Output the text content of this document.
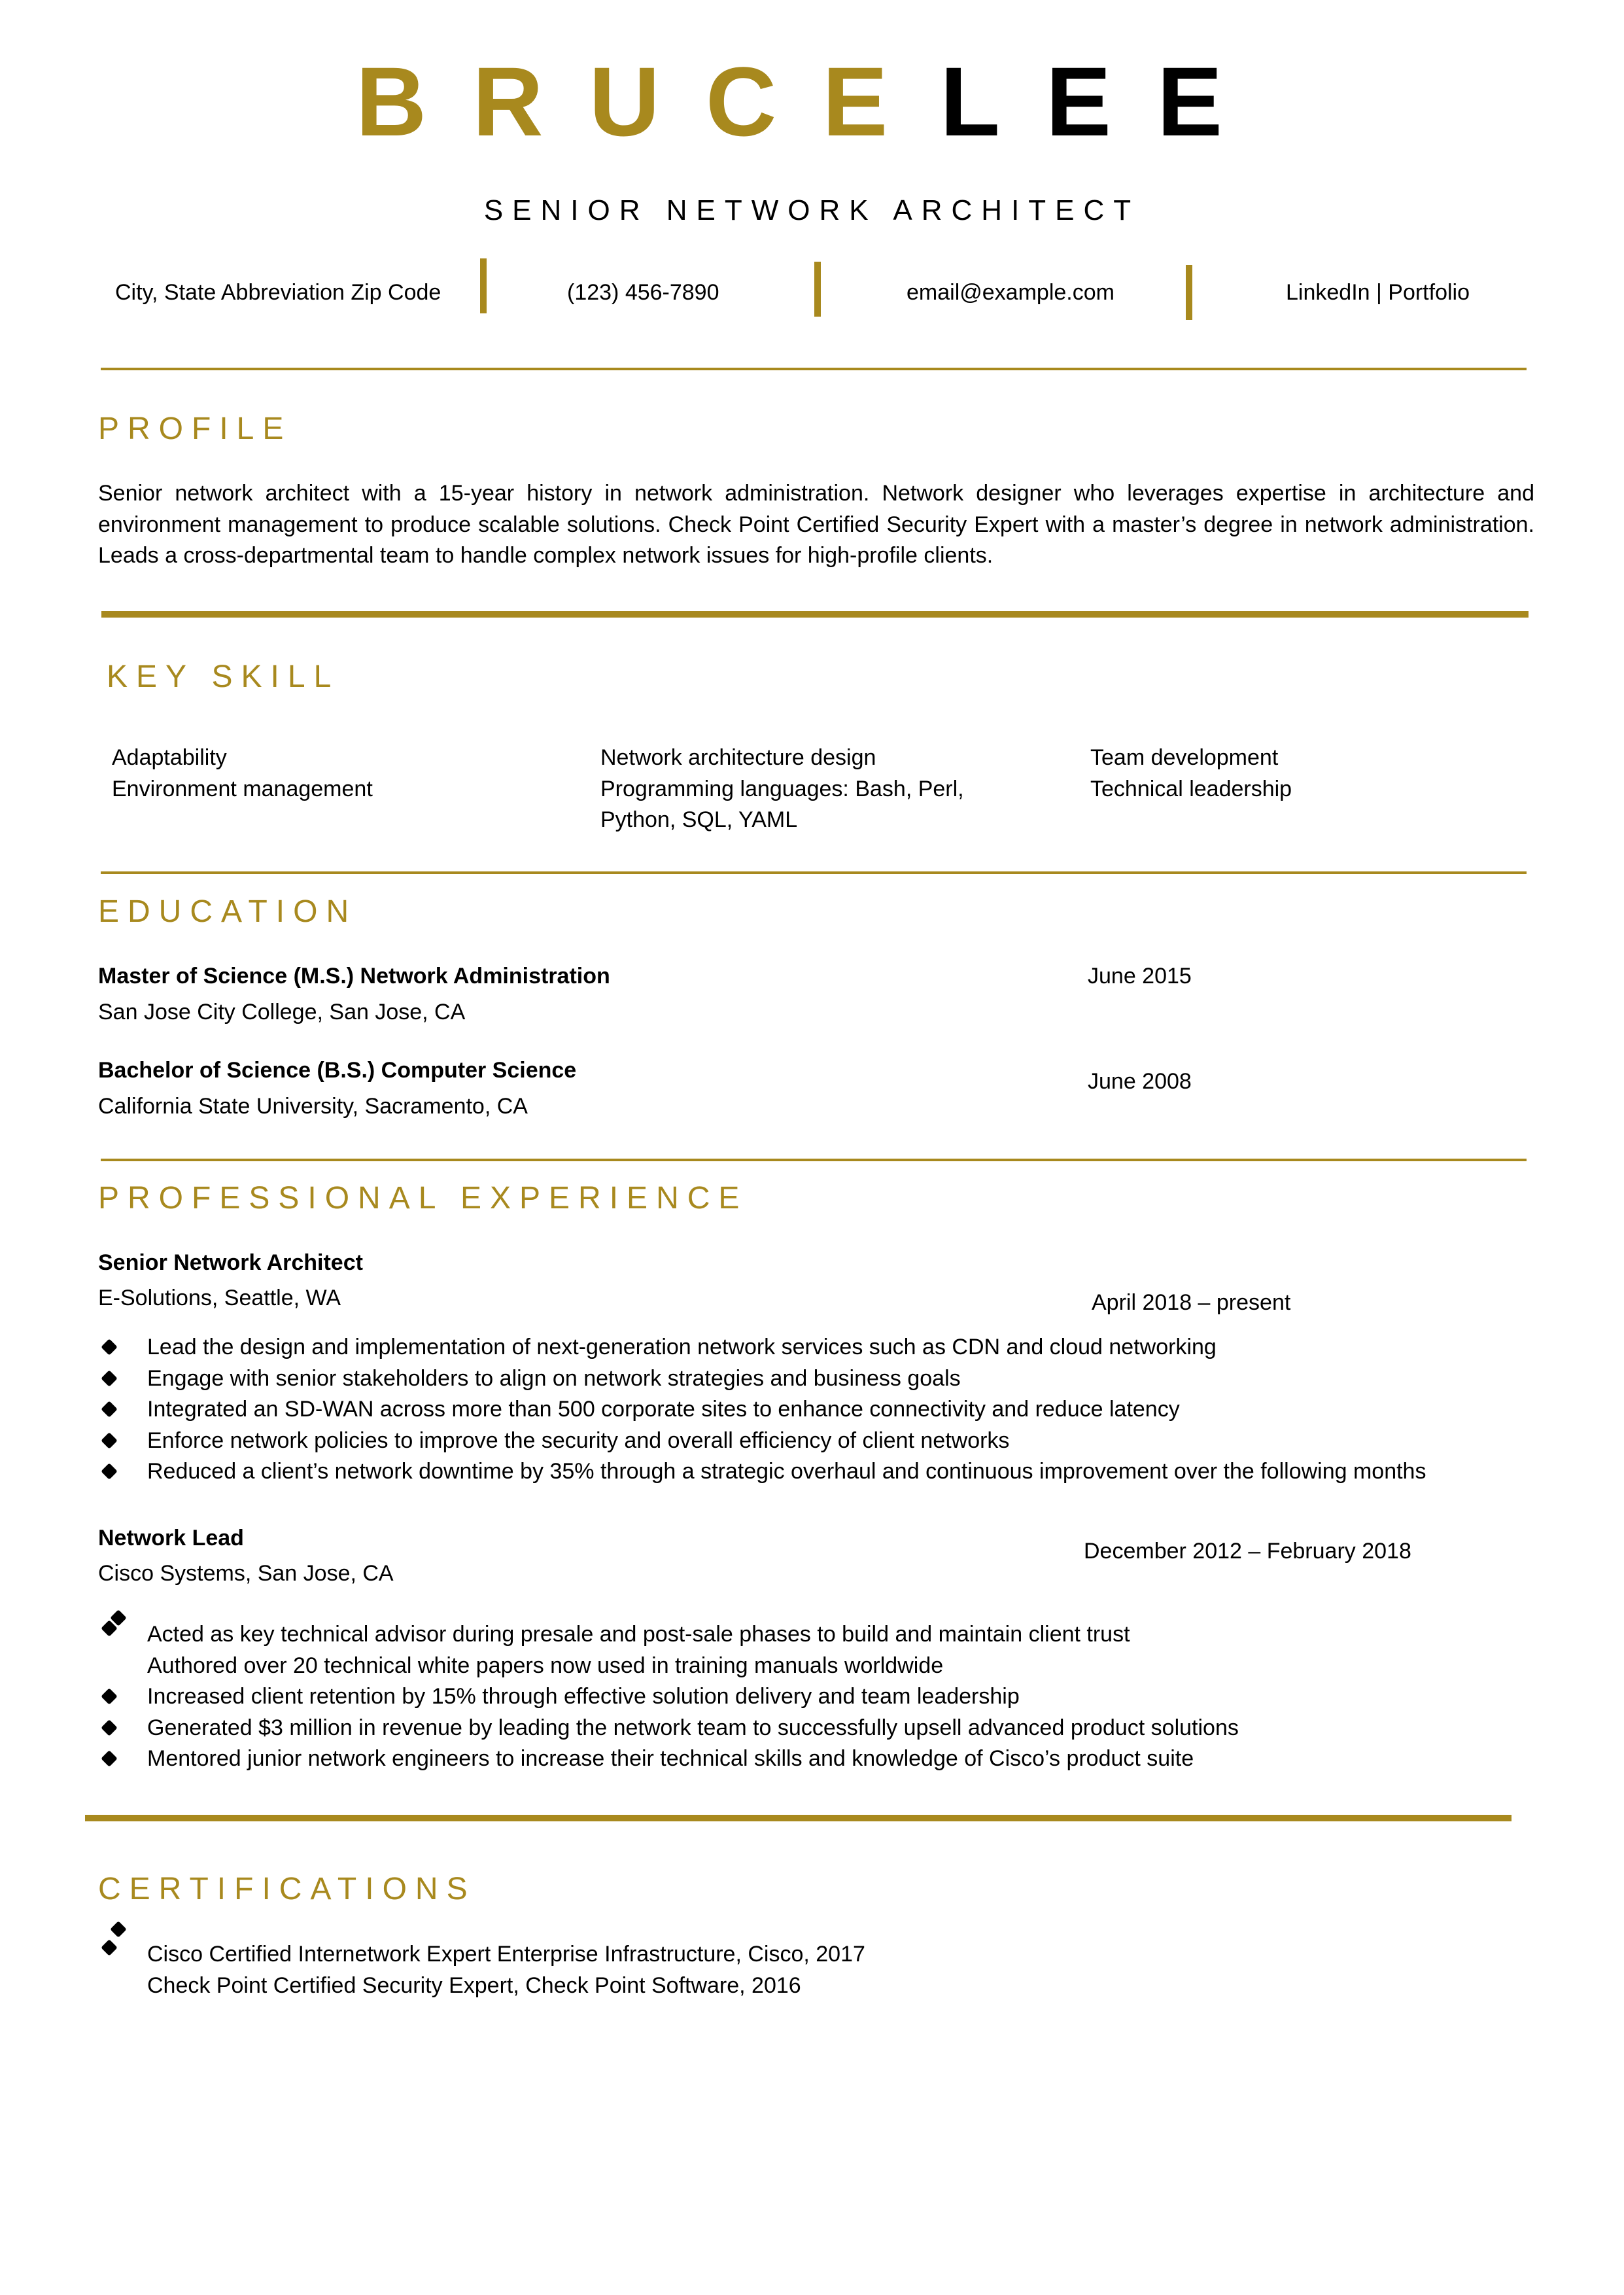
BRUCELEE
SENIOR NETWORK ARCHITECT
City, State Abbreviation Zip Code	(123) 456-7890	email@example.com	LinkedIn | Portfolio
PROFILE
Senior network architect with a 15-year history in network administration. Network designer who leverages expertise in architecture and
environment management to produce scalable solutions. Check Point Certified Security Expert with a master’s degree in network administration.
Leads a cross-departmental team to handle complex network issues for high-profile clients.
KEY SKILL
Adaptability
Environment management
Network architecture design
Programming languages: Bash, Perl,
Python, SQL, YAML
Team development
Technical leadership
EDUCATION
Master of Science (M.S.) Network Administration
San Jose City College, San Jose, CA
June 2015
Bachelor of Science (B.S.) Computer Science
California State University, Sacramento, CA
June 2008
PROFESSIONAL EXPERIENCE
Senior Network Architect
E-Solutions, Seattle, WA	April 2018 – present
Lead the design and implementation of next-generation network services such as CDN and cloud networking
Engage with senior stakeholders to align on network strategies and business goals
Integrated an SD-WAN across more than 500 corporate sites to enhance connectivity and reduce latency
Enforce network policies to improve the security and overall efficiency of client networks
Reduced a client’s network downtime by 35% through a strategic overhaul and continuous improvement over the following months
Network Lead
Cisco Systems, San Jose, CA
December 2012 – February 2018
Acted as key technical advisor during presale and post-sale phases to build and maintain client trust
Authored over 20 technical white papers now used in training manuals worldwide
Increased client retention by 15% through effective solution delivery and team leadership
Generated $3 million in revenue by leading the network team to successfully upsell advanced product solutions
Mentored junior network engineers to increase their technical skills and knowledge of Cisco’s product suite
CERTIFICATIONS
Cisco Certified Internetwork Expert Enterprise Infrastructure, Cisco, 2017
Check Point Certified Security Expert, Check Point Software, 2016
